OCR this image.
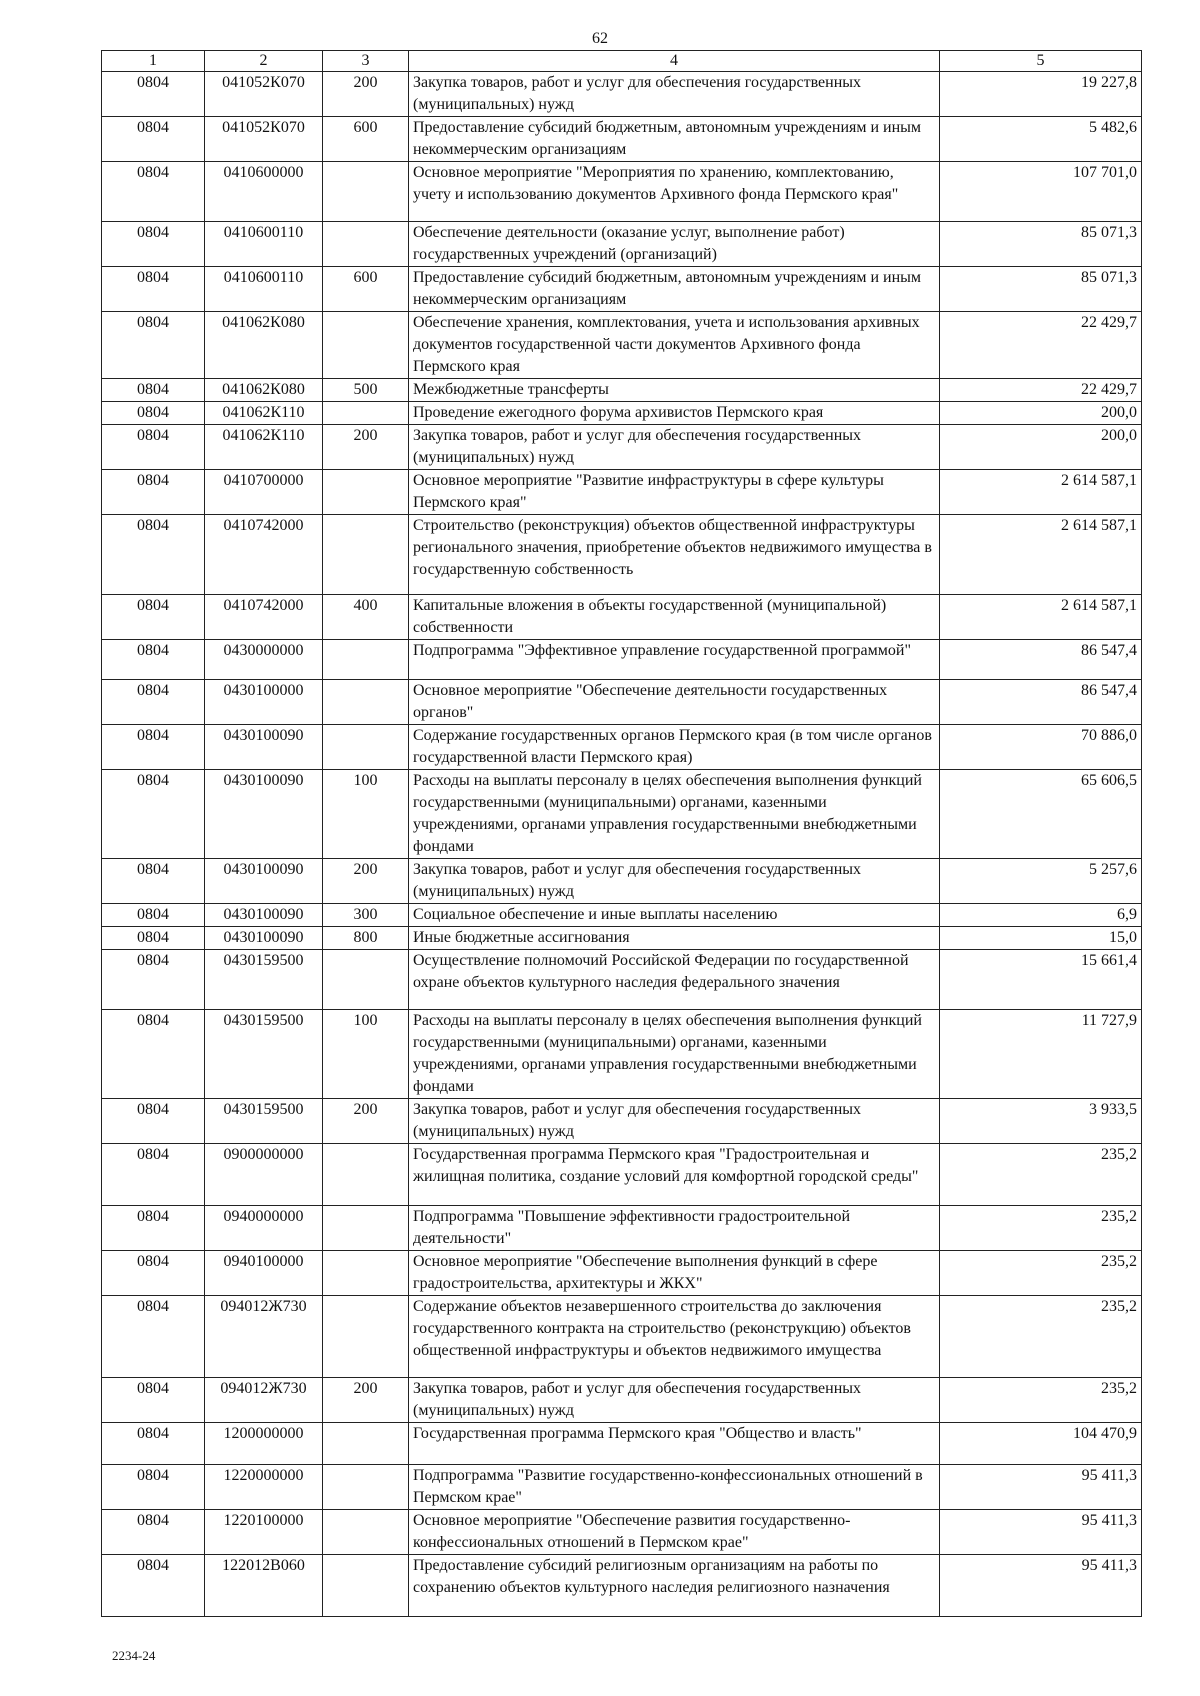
62
1	2	3	4	5
0804	041052К070	200	Закупка товаров, работ и услуг для обеспечения государственных (муниципальных) нужд	19 227,8
0804	041052К070	600	Предоставление субсидий бюджетным, автономным учреждениям и иным некоммерческим организациям	5 482,6
0804	0410600000		Основное мероприятие "Мероприятия по хранению, комплектованию, учету и использованию документов Архивного фонда Пермского края"	107 701,0
0804	0410600110		Обеспечение деятельности (оказание услуг, выполнение работ) государственных учреждений (организаций)	85 071,3
0804	0410600110	600	Предоставление субсидий бюджетным, автономным учреждениям и иным некоммерческим организациям	85 071,3
0804	041062К080		Обеспечение хранения, комплектования, учета и использования архивных документов государственной части документов Архивного фонда Пермского края	22 429,7
0804	041062К080	500	Межбюджетные трансферты	22 429,7
0804	041062К110		Проведение ежегодного форума архивистов Пермского края	200,0
0804	041062К110	200	Закупка товаров, работ и услуг для обеспечения государственных (муниципальных) нужд	200,0
0804	0410700000		Основное мероприятие "Развитие инфраструктуры в сфере культуры Пермского края"	2 614 587,1
0804	0410742000		Строительство (реконструкция) объектов общественной инфраструктуры регионального значения, приобретение объектов недвижимого имущества в государственную собственность	2 614 587,1
0804	0410742000	400	Капитальные вложения в объекты государственной (муниципальной) собственности	2 614 587,1
0804	0430000000		Подпрограмма "Эффективное управление государственной программой"	86 547,4
0804	0430100000		Основное мероприятие "Обеспечение деятельности государственных органов"	86 547,4
0804	0430100090		Содержание государственных органов Пермского края (в том числе органов государственной власти Пермского края)	70 886,0
0804	0430100090	100	Расходы на выплаты персоналу в целях обеспечения выполнения функций государственными (муниципальными) органами, казенными учреждениями, органами управления государственными внебюджетными фондами	65 606,5
0804	0430100090	200	Закупка товаров, работ и услуг для обеспечения государственных (муниципальных) нужд	5 257,6
0804	0430100090	300	Социальное обеспечение и иные выплаты населению	6,9
0804	0430100090	800	Иные бюджетные ассигнования	15,0
0804	0430159500		Осуществление полномочий Российской Федерации по государственной охране объектов культурного наследия федерального значения	15 661,4
0804	0430159500	100	Расходы на выплаты персоналу в целях обеспечения выполнения функций государственными (муниципальными) органами, казенными учреждениями, органами управления государственными внебюджетными фондами	11 727,9
0804	0430159500	200	Закупка товаров, работ и услуг для обеспечения государственных (муниципальных) нужд	3 933,5
0804	0900000000		Государственная программа Пермского края "Градостроительная и жилищная политика, создание условий для комфортной городской среды"	235,2
0804	0940000000		Подпрограмма "Повышение эффективности градостроительной деятельности"	235,2
0804	0940100000		Основное мероприятие "Обеспечение выполнения функций в сфере градостроительства, архитектуры и ЖКХ"	235,2
0804	094012Ж730		Содержание объектов незавершенного строительства до заключения государственного контракта на строительство (реконструкцию) объектов общественной инфраструктуры и объектов недвижимого имущества	235,2
0804	094012Ж730	200	Закупка товаров, работ и услуг для обеспечения государственных (муниципальных) нужд	235,2
0804	1200000000		Государственная программа Пермского края "Общество и власть"	104 470,9
0804	1220000000		Подпрограмма "Развитие государственно-конфессиональных отношений в Пермском крае"	95 411,3
0804	1220100000		Основное мероприятие "Обеспечение развития государственно-конфессиональных отношений в Пермском крае"	95 411,3
0804	122012В060		Предоставление субсидий религиозным организациям на работы по сохранению объектов культурного наследия религиозного назначения	95 411,3
2234-24
